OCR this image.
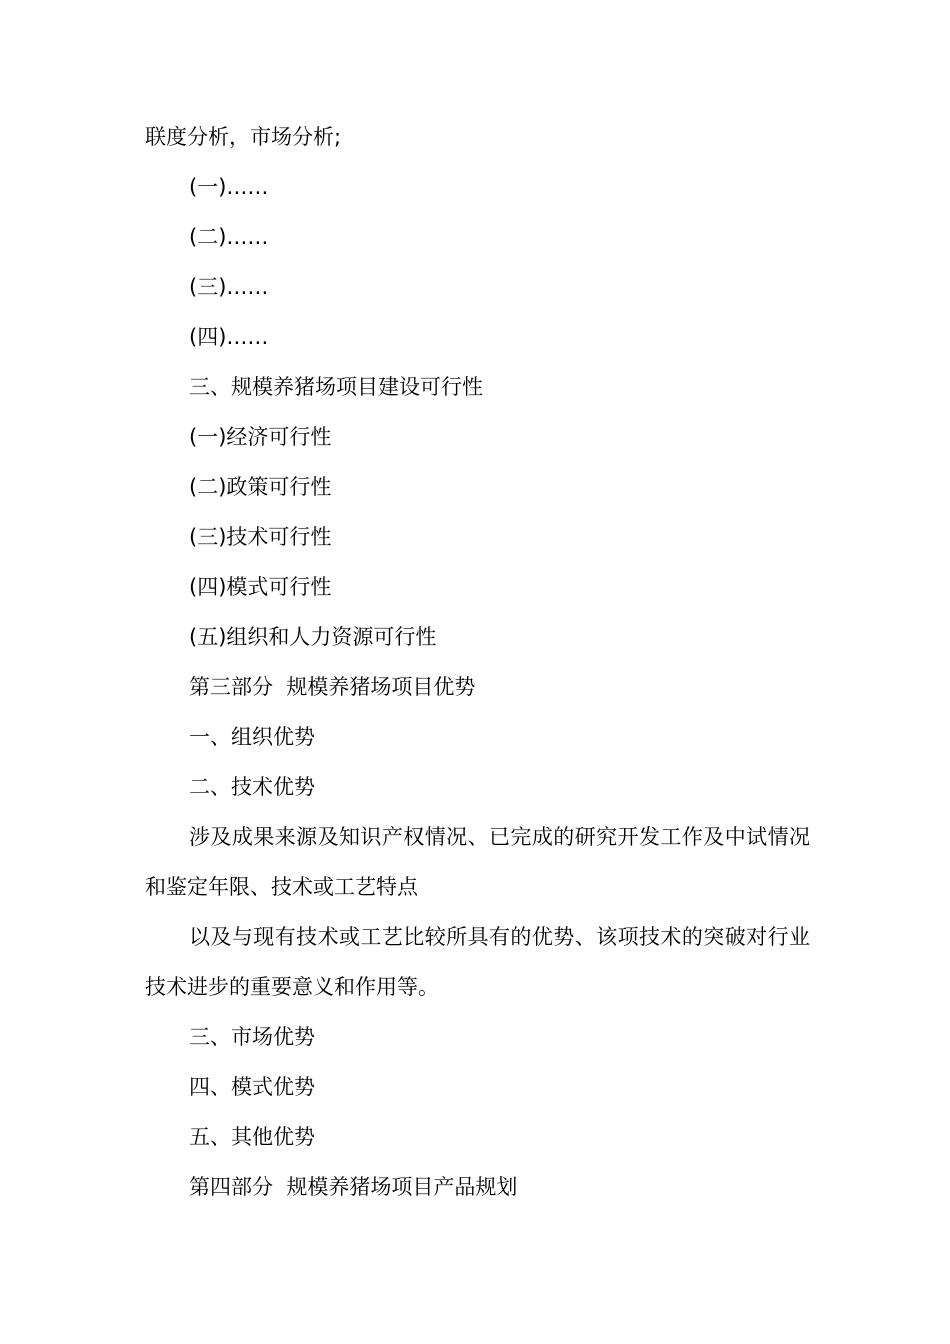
联度分析，市场分析;
(一)……
(二)……
(三)……
(四)……
三、规模养猪场项目建设可行性
(一)经济可行性
(二)政策可行性
(三)技术可行性
(四)模式可行性
(五)组织和人力资源可行性
第三部分  规模养猪场项目优势
一、组织优势
二、技术优势
涉及成果来源及知识产权情况、已完成的研究开发工作及中试情况和鉴定年限、技术或工艺特点
以及与现有技术或工艺比较所具有的优势、该项技术的突破对行业技术进步的重要意义和作用等。
三、市场优势
四、模式优势
五、其他优势
第四部分  规模养猪场项目产品规划
